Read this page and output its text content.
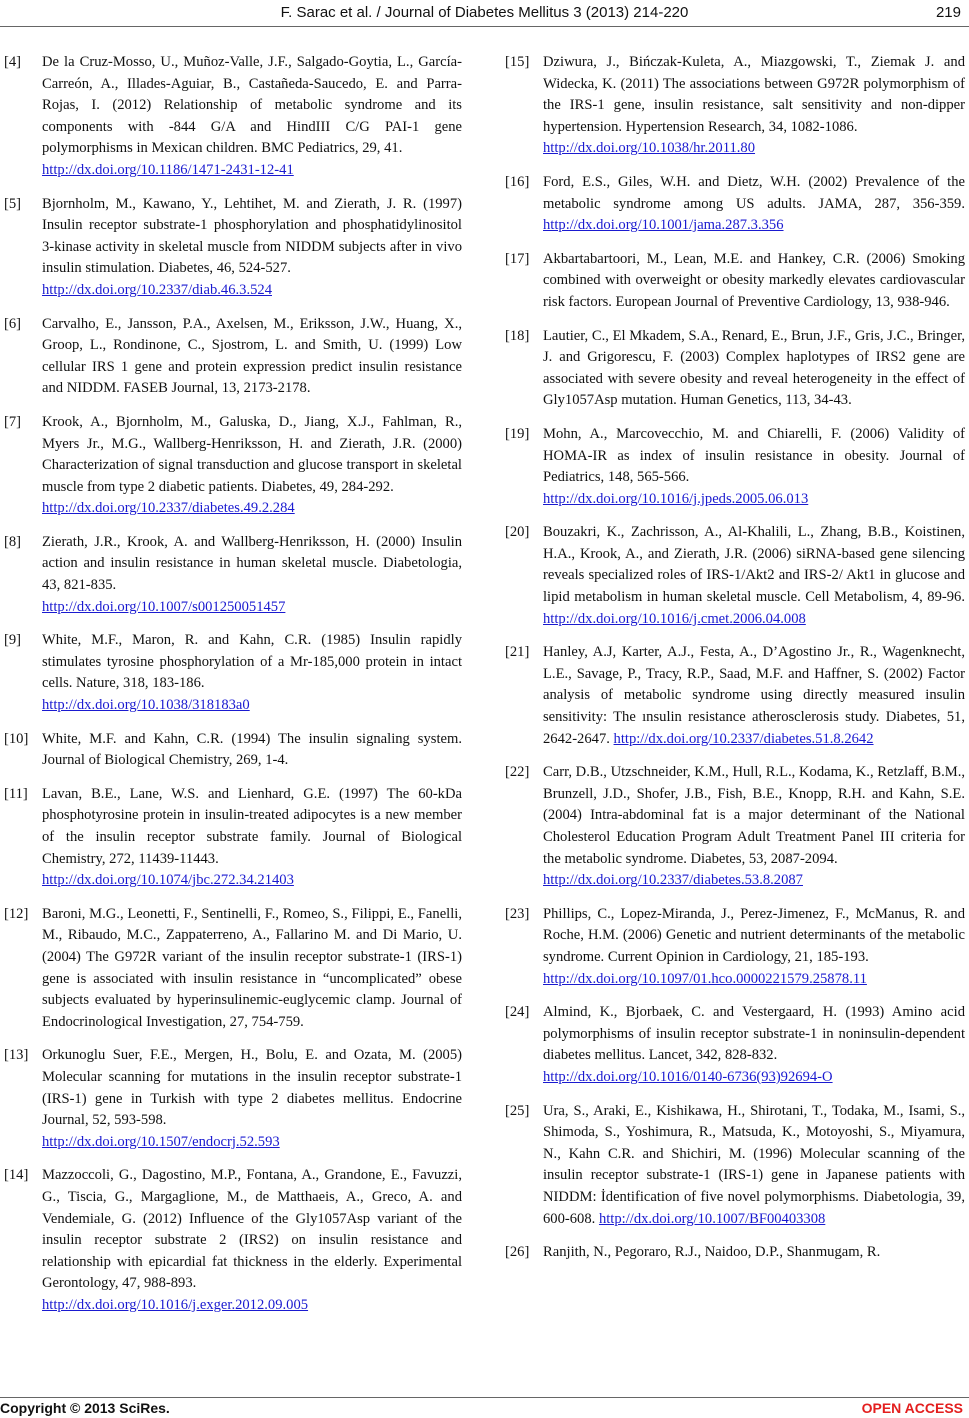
F. Sarac et al. / Journal of Diabetes Mellitus 3 (2013) 214-220	219
[4] De la Cruz-Mosso, U., Muñoz-Valle, J.F., Salgado-Goytia, L., García-Carreón, A., Illades-Aguiar, B., Castañeda-Saucedo, E. and Parra-Rojas, I. (2012) Relationship of metabolic syndrome and its components with -844 G/A and HindIII C/G PAI-1 gene polymorphisms in Mexican children. BMC Pediatrics, 29, 41.
http://dx.doi.org/10.1186/1471-2431-12-41
[5] Bjornholm, M., Kawano, Y., Lehtihet, M. and Zierath, J. R. (1997) Insulin receptor substrate-1 phosphorylation and phosphatidylinositol 3-kinase activity in skeletal muscle from NIDDM subjects after in vivo insulin stimulation. Diabetes, 46, 524-527.
http://dx.doi.org/10.2337/diab.46.3.524
[6] Carvalho, E., Jansson, P.A., Axelsen, M., Eriksson, J.W., Huang, X., Groop, L., Rondinone, C., Sjostrom, L. and Smith, U. (1999) Low cellular IRS 1 gene and protein expression predict insulin resistance and NIDDM. FASEB Journal, 13, 2173-2178.
[7] Krook, A., Bjornholm, M., Galuska, D., Jiang, X.J., Fahlman, R., Myers Jr., M.G., Wallberg-Henriksson, H. and Zierath, J.R. (2000) Characterization of signal transduction and glucose transport in skeletal muscle from type 2 diabetic patients. Diabetes, 49, 284-292.
http://dx.doi.org/10.2337/diabetes.49.2.284
[8] Zierath, J.R., Krook, A. and Wallberg-Henriksson, H. (2000) Insulin action and insulin resistance in human skeletal muscle. Diabetologia, 43, 821-835.
http://dx.doi.org/10.1007/s001250051457
[9] White, M.F., Maron, R. and Kahn, C.R. (1985) Insulin rapidly stimulates tyrosine phosphorylation of a Mr-185,000 protein in intact cells. Nature, 318, 183-186.
http://dx.doi.org/10.1038/318183a0
[10] White, M.F. and Kahn, C.R. (1994) The insulin signaling system. Journal of Biological Chemistry, 269, 1-4.
[11] Lavan, B.E., Lane, W.S. and Lienhard, G.E. (1997) The 60-kDa phosphotyrosine protein in insulin-treated adipocytes is a new member of the insulin receptor substrate family. Journal of Biological Chemistry, 272, 11439-11443.
http://dx.doi.org/10.1074/jbc.272.34.21403
[12] Baroni, M.G., Leonetti, F., Sentinelli, F., Romeo, S., Filippi, E., Fanelli, M., Ribaudo, M.C., Zappaterreno, A., Fallarino M. and Di Mario, U. (2004) The G972R variant of the insulin receptor substrate-1 (IRS-1) gene is associated with insulin resistance in “uncomplicated” obese subjects evaluated by hyperinsulinemic-euglycemic clamp. Journal of Endocrinological Investigation, 27, 754-759.
[13] Orkunoglu Suer, F.E., Mergen, H., Bolu, E. and Ozata, M. (2005) Molecular scanning for mutations in the insulin receptor substrate-1 (IRS-1) gene in Turkish with type 2 diabetes mellitus. Endocrine Journal, 52, 593-598.
http://dx.doi.org/10.1507/endocrj.52.593
[14] Mazzoccoli, G., Dagostino, M.P., Fontana, A., Grandone, E., Favuzzi, G., Tiscia, G., Margaglione, M., de Matthaeis, A., Greco, A. and Vendemiale, G. (2012) Influence of the Gly1057Asp variant of the insulin receptor substrate 2 (IRS2) on insulin resistance and relationship with epicardial fat thickness in the elderly. Experimental Gerontology, 47, 988-893.
http://dx.doi.org/10.1016/j.exger.2012.09.005
[15] Dziwura, J., Bińczak-Kuleta, A., Miazgowski, T., Ziemak J. and Widecka, K. (2011) The associations between G972R polymorphism of the IRS-1 gene, insulin resistance, salt sensitivity and non-dipper hypertension. Hypertension Research, 34, 1082-1086.
http://dx.doi.org/10.1038/hr.2011.80
[16] Ford, E.S., Giles, W.H. and Dietz, W.H. (2002) Prevalence of the metabolic syndrome among US adults. JAMA, 287, 356-359. http://dx.doi.org/10.1001/jama.287.3.356
[17] Akbartabartoori, M., Lean, M.E. and Hankey, C.R. (2006) Smoking combined with overweight or obesity markedly elevates cardiovascular risk factors. European Journal of Preventive Cardiology, 13, 938-946.
[18] Lautier, C., El Mkadem, S.A., Renard, E., Brun, J.F., Gris, J.C., Bringer, J. and Grigorescu, F. (2003) Complex haplotypes of IRS2 gene are associated with severe obesity and reveal heterogeneity in the effect of Gly1057Asp mutation. Human Genetics, 113, 34-43.
[19] Mohn, A., Marcovecchio, M. and Chiarelli, F. (2006) Validity of HOMA-IR as index of insulin resistance in obesity. Journal of Pediatrics, 148, 565-566.
http://dx.doi.org/10.1016/j.jpeds.2005.06.013
[20] Bouzakri, K., Zachrisson, A., Al-Khalili, L., Zhang, B.B., Koistinen, H.A., Krook, A., and Zierath, J.R. (2006) siRNA-based gene silencing reveals specialized roles of IRS-1/Akt2 and IRS-2/ Akt1 in glucose and lipid metabolism in human skeletal muscle. Cell Metabolism, 4, 89-96. http://dx.doi.org/10.1016/j.cmet.2006.04.008
[21] Hanley, A.J, Karter, A.J., Festa, A., D’Agostino Jr., R., Wagenknecht, L.E., Savage, P., Tracy, R.P., Saad, M.F. and Haffner, S. (2002) Factor analysis of metabolic syndrome using directly measured insulin sensitivity: The ınsulin resistance atherosclerosis study. Diabetes, 51, 2642-2647. http://dx.doi.org/10.2337/diabetes.51.8.2642
[22] Carr, D.B., Utzschneider, K.M., Hull, R.L., Kodama, K., Retzlaff, B.M., Brunzell, J.D., Shofer, J.B., Fish, B.E., Knopp, R.H. and Kahn, S.E. (2004) Intra-abdominal fat is a major determinant of the National Cholesterol Education Program Adult Treatment Panel III criteria for the metabolic syndrome. Diabetes, 53, 2087-2094.
http://dx.doi.org/10.2337/diabetes.53.8.2087
[23] Phillips, C., Lopez-Miranda, J., Perez-Jimenez, F., McManus, R. and Roche, H.M. (2006) Genetic and nutrient determinants of the metabolic syndrome. Current Opinion in Cardiology, 21, 185-193.
http://dx.doi.org/10.1097/01.hco.0000221579.25878.11
[24] Almind, K., Bjorbaek, C. and Vestergaard, H. (1993) Amino acid polymorphisms of insulin receptor substrate-1 in noninsulin-dependent diabetes mellitus. Lancet, 342, 828-832.
http://dx.doi.org/10.1016/0140-6736(93)92694-O
[25] Ura, S., Araki, E., Kishikawa, H., Shirotani, T., Todaka, M., Isami, S., Shimoda, S., Yoshimura, R., Matsuda, K., Motoyoshi, S., Miyamura, N., Kahn C.R. and Shichiri, M. (1996) Molecular scanning of the insulin receptor substrate-1 (IRS-1) gene in Japanese patients with NIDDM: İdentification of five novel polymorphisms. Diabetologia, 39, 600-608. http://dx.doi.org/10.1007/BF00403308
[26] Ranjith, N., Pegoraro, R.J., Naidoo, D.P., Shanmugam, R.
Copyright © 2013 SciRes.	OPEN ACCESS
